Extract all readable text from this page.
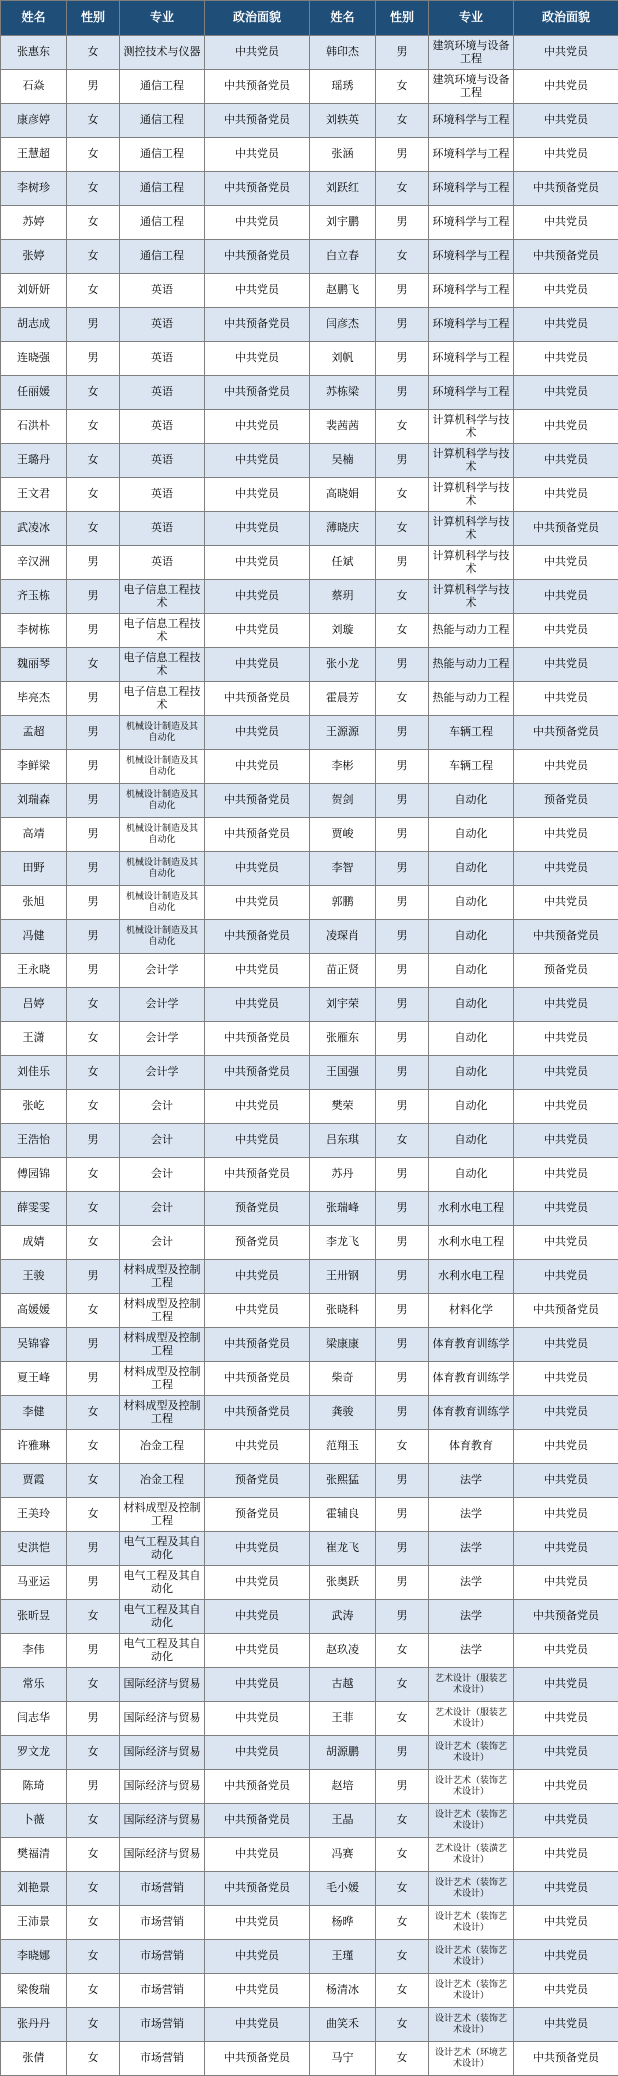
姓名	性别	专业	政治面貌	姓名	性别	专业	政治面貌
张惠东	女	测控技术与仪器	中共党员	韩印杰	男	建筑环境与设备工程	中共党员
石焱	男	通信工程	中共预备党员	瑶琇	女	建筑环境与设备工程	中共党员
康彦婷	女	通信工程	中共预备党员	刘轶英	女	环境科学与工程	中共党员
王慧超	女	通信工程	中共党员	张涵	男	环境科学与工程	中共党员
李树珍	女	通信工程	中共预备党员	刘跃红	女	环境科学与工程	中共预备党员
苏婷	女	通信工程	中共党员	刘宇鹏	男	环境科学与工程	中共党员
张婷	女	通信工程	中共预备党员	白立春	女	环境科学与工程	中共预备党员
刘妍妍	女	英语	中共党员	赵鹏飞	男	环境科学与工程	中共党员
胡志成	男	英语	中共预备党员	闫彦杰	男	环境科学与工程	中共党员
连晓强	男	英语	中共党员	刘帆	男	环境科学与工程	中共党员
任丽媛	女	英语	中共预备党员	苏栋梁	男	环境科学与工程	中共党员
石洪朴	女	英语	中共党员	裴茜茜	女	计算机科学与技术	中共党员
王璐丹	女	英语	中共党员	吴楠	男	计算机科学与技术	中共党员
王文君	女	英语	中共党员	高晓娟	女	计算机科学与技术	中共党员
武凌冰	女	英语	中共党员	薄晓庆	女	计算机科学与技术	中共预备党员
辛汉洲	男	英语	中共党员	任斌	男	计算机科学与技术	中共党员
齐玉栋	男	电子信息工程技术	中共党员	蔡玥	女	计算机科学与技术	中共党员
李树栋	男	电子信息工程技术	中共党员	刘璇	女	热能与动力工程	中共党员
魏丽琴	女	电子信息工程技术	中共党员	张小龙	男	热能与动力工程	中共党员
毕亮杰	男	电子信息工程技术	中共预备党员	霍晨芳	女	热能与动力工程	中共党员
孟超	男	机械设计制造及其自动化	中共党员	王源源	男	车辆工程	中共预备党员
李鲜梁	男	机械设计制造及其自动化	中共党员	李彬	男	车辆工程	中共党员
刘瑞森	男	机械设计制造及其自动化	中共预备党员	贺剑	男	自动化	预备党员
高靖	男	机械设计制造及其自动化	中共预备党员	贾峻	男	自动化	中共党员
田野	男	机械设计制造及其自动化	中共党员	李智	男	自动化	中共党员
张旭	男	机械设计制造及其自动化	中共党员	郭鹏	男	自动化	中共党员
冯健	男	机械设计制造及其自动化	中共预备党员	凌琛肖	男	自动化	中共预备党员
王永晓	男	会计学	中共党员	苗正贤	男	自动化	预备党员
吕婷	女	会计学	中共党员	刘宇荣	男	自动化	中共党员
王潇	女	会计学	中共预备党员	张雁东	男	自动化	中共党员
刘佳乐	女	会计学	中共预备党员	王国强	男	自动化	中共党员
张屹	女	会计	中共党员	樊荣	男	自动化	中共党员
王浩怡	男	会计	中共党员	吕东琪	女	自动化	中共党员
傅园锦	女	会计	中共预备党员	苏丹	男	自动化	中共党员
薛雯雯	女	会计	预备党员	张瑞峰	男	水利水电工程	中共党员
成婧	女	会计	预备党员	李龙飞	男	水利水电工程	中共党员
王骏	男	材料成型及控制工程	中共党员	王卅钢	男	水利水电工程	中共党员
高媛媛	女	材料成型及控制工程	中共党员	张晓科	男	材料化学	中共预备党员
吴锦睿	男	材料成型及控制工程	中共预备党员	梁康康	男	体育教育训练学	中共党员
夏王峰	男	材料成型及控制工程	中共预备党员	柴奇	男	体育教育训练学	中共党员
李健	女	材料成型及控制工程	中共预备党员	龚骏	男	体育教育训练学	中共党员
许雅琳	女	冶金工程	中共党员	范翔玉	女	体育教育	中共党员
贾霞	女	冶金工程	预备党员	张熙猛	男	法学	中共党员
王美玲	女	材料成型及控制工程	预备党员	霍辅良	男	法学	中共党员
史洪恺	男	电气工程及其自动化	中共党员	崔龙飞	男	法学	中共党员
马亚运	男	电气工程及其自动化	中共党员	张奥跃	男	法学	中共党员
张昕昱	女	电气工程及其自动化	中共党员	武涛	男	法学	中共预备党员
李伟	男	电气工程及其自动化	中共党员	赵玖凌	女	法学	中共党员
常乐	女	国际经济与贸易	中共党员	古越	女	艺术设计（服装艺术设计）	中共党员
闫志华	男	国际经济与贸易	中共党员	王菲	女	艺术设计（服装艺术设计）	中共党员
罗文龙	女	国际经济与贸易	中共党员	胡源鹏	男	设计艺术（装饰艺术设计）	中共党员
陈琦	男	国际经济与贸易	中共预备党员	赵培	男	设计艺术（装饰艺术设计）	中共党员
卜薇	女	国际经济与贸易	中共预备党员	王晶	女	设计艺术（装饰艺术设计）	中共党员
樊福清	女	国际经济与贸易	中共党员	冯赛	女	艺术设计（装潢艺术设计）	中共党员
刘艳景	女	市场营销	中共预备党员	毛小媛	女	设计艺术（装饰艺术设计）	中共党员
王沛景	女	市场营销	中共党员	杨晔	女	设计艺术（装饰艺术设计）	中共党员
李晓娜	女	市场营销	中共党员	王瑾	女	设计艺术（装饰艺术设计）	中共党员
梁俊瑞	女	市场营销	中共党员	杨清冰	女	设计艺术（装饰艺术设计）	中共党员
张丹丹	女	市场营销	中共党员	曲笑禾	女	设计艺术（装饰艺术设计）	中共党员
张倩	女	市场营销	中共预备党员	马宁	女	设计艺术（环境艺术设计）	中共预备党员
